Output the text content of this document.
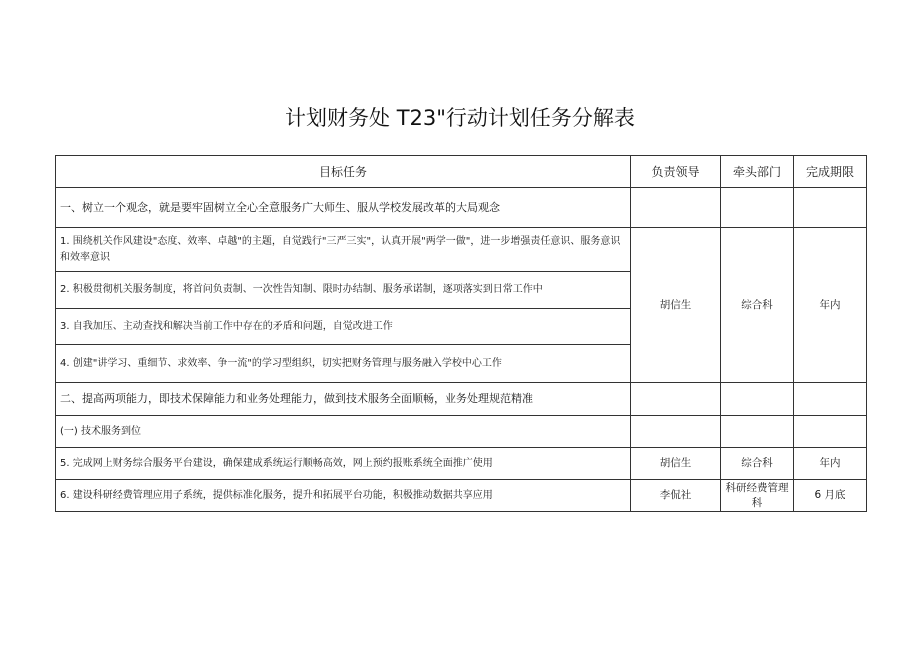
计划财务处 T23"行动计划任务分解表
目标任务	负责领导	牵头部门	完成期限
一、树立一个观念，就是要牢固树立全心全意服务广大师生、服从学校发展改革的大局观念			
1. 围绕机关作风建设"态度、效率、卓越"的主题，自觉践行"三严三实"，认真开展"两学一做"，进一步增强责任意识、服务意识和效率意识	胡信生	综合科	年内
2. 积极贯彻机关服务制度，将首问负责制、一次性告知制、限时办结制、服务承诺制，逐项落实到日常工作中			
3. 自我加压、主动查找和解决当前工作中存在的矛盾和问题，自觉改进工作			
4. 创建"讲学习、重细节、求效率、争一流"的学习型组织，切实把财务管理与服务融入学校中心工作			
二、提高两项能力，即技术保障能力和业务处理能力，做到技术服务全面顺畅，业务处理规范精准			
(一) 技术服务到位			
5. 完成网上财务综合服务平台建设，确保建成系统运行顺畅高效，网上预约报账系统全面推广使用	胡信生	综合科	年内
6. 建设科研经费管理应用子系统，提供标准化服务，提升和拓展平台功能，积极推动数据共享应用	李侃社	科研经费管理科	6 月底
